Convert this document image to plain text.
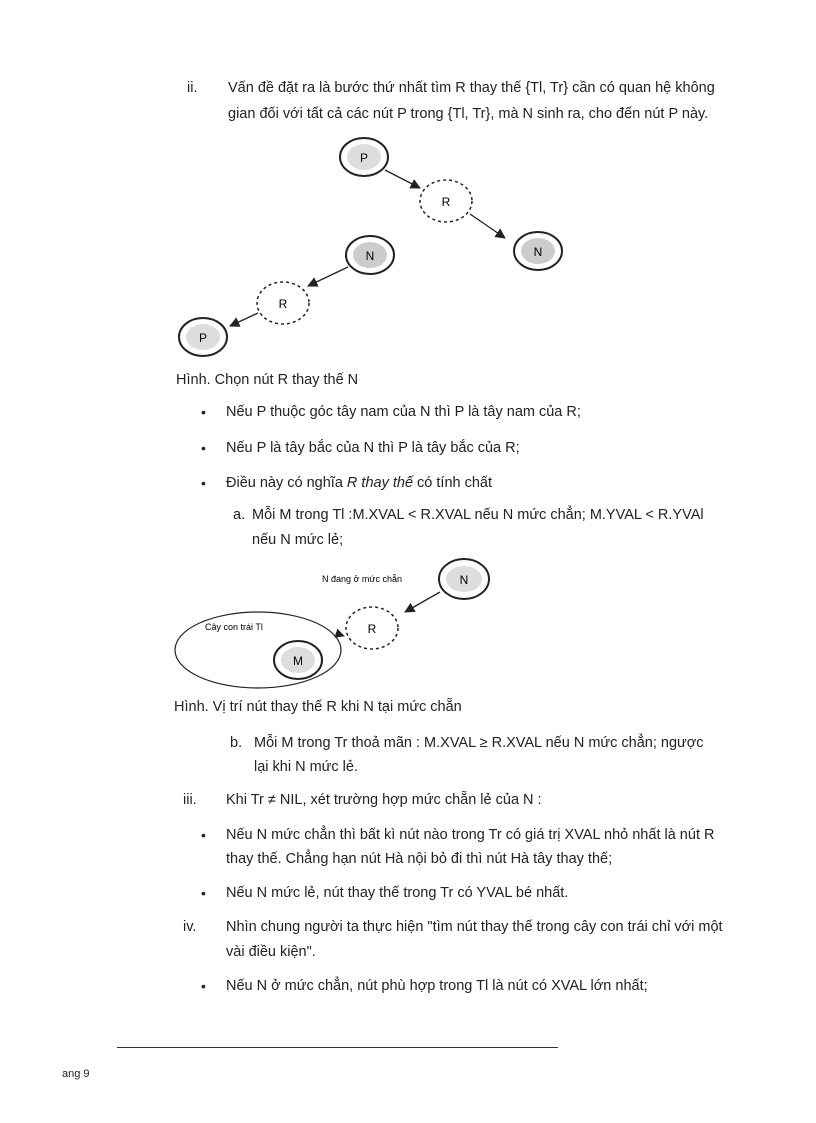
ii. Vấn đề đặt ra là bước thứ nhất tìm R thay thế {Tl, Tr} cần có quan hệ không
gian đối với tất cả các nút P trong {Tl, Tr}, mà N sinh ra, cho đến nút P này.
P
R
N
N
R
P
Hình. Chọn nút R thay thế N
• Nếu P thuộc góc tây nam của N thì P là tây nam của R;
• Nếu P là tây bắc của N thì P là tây bắc của R;
• Điều này có nghĩa R thay thế có tính chất
a. Mỗi M trong Tl :M.XVAL < R.XVAL nếu N mức chẳn; M.YVAL < R.YVAl
nếu N mức lẻ;
N đang ở mức chẵn	N
R
Cây con trái Tl
M
Hình. Vị trí nút thay thế R khi N tại mức chẵn
b. Mỗi M trong Tr thoả mãn : M.XVAL ≥ R.XVAL nếu N mức chẳn; ngược
lại khi N mức lẻ.
iii. Khi Tr ≠ NIL, xét trường hợp mức chẵn lẻ của N :
• Nếu N mức chẳn thì bất kì nút nào trong Tr có giá trị XVAL nhỏ nhất là nút R
thay thế. Chẳng hạn nút Hà nội bỏ đi thì nút Hà tây thay thế;
• Nếu N mức lẻ, nút thay thế trong Tr có YVAL bé nhất.
iv. Nhìn chung người ta thực hiện "tìm nút thay thế trong cây con trái chỉ với một
vài điều kiện".
• Nếu N ở mức chẳn, nút phù hợp trong Tl là nút có XVAL lớn nhất;
ang 9
